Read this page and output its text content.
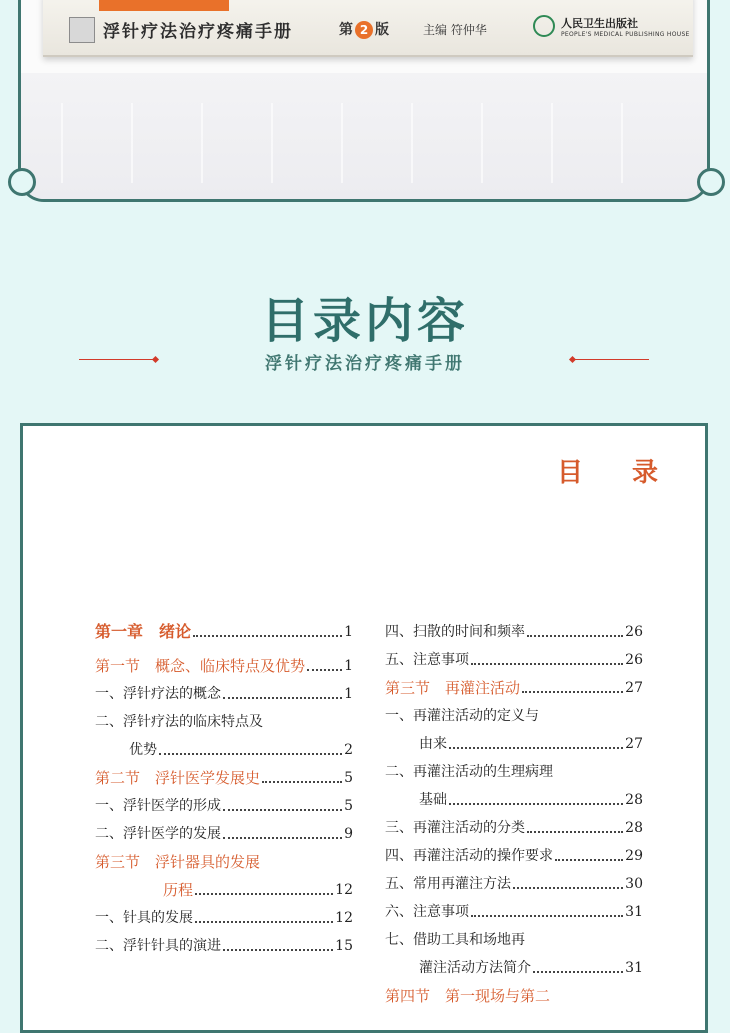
浮针疗法治疗疼痛手册	第 2 版	主编 符仲华	人民卫生出版社
PEOPLE'S MEDICAL PUBLISHING HOUSE
目录内容
浮针疗法治疗疼痛手册
目 录
第一章　绪论	1
第一节　概念、临床特点及优势	1
一、浮针疗法的概念	1
二、浮针疗法的临床特点及
优势	2
第二节　浮针医学发展史	5
一、浮针医学的形成	5
二、浮针医学的发展	9
第三节　浮针器具的发展
历程	12
一、针具的发展	12
二、浮针针具的演进	15
四、扫散的时间和频率	26
五、注意事项	26
第三节　再灌注活动	27
一、再灌注活动的定义与
由来	27
二、再灌注活动的生理病理
基础	28
三、再灌注活动的分类	28
四、再灌注活动的操作要求	29
五、常用再灌注方法	30
六、注意事项	31
七、借助工具和场地再
灌注活动方法简介	31
第四节　第一现场与第二
